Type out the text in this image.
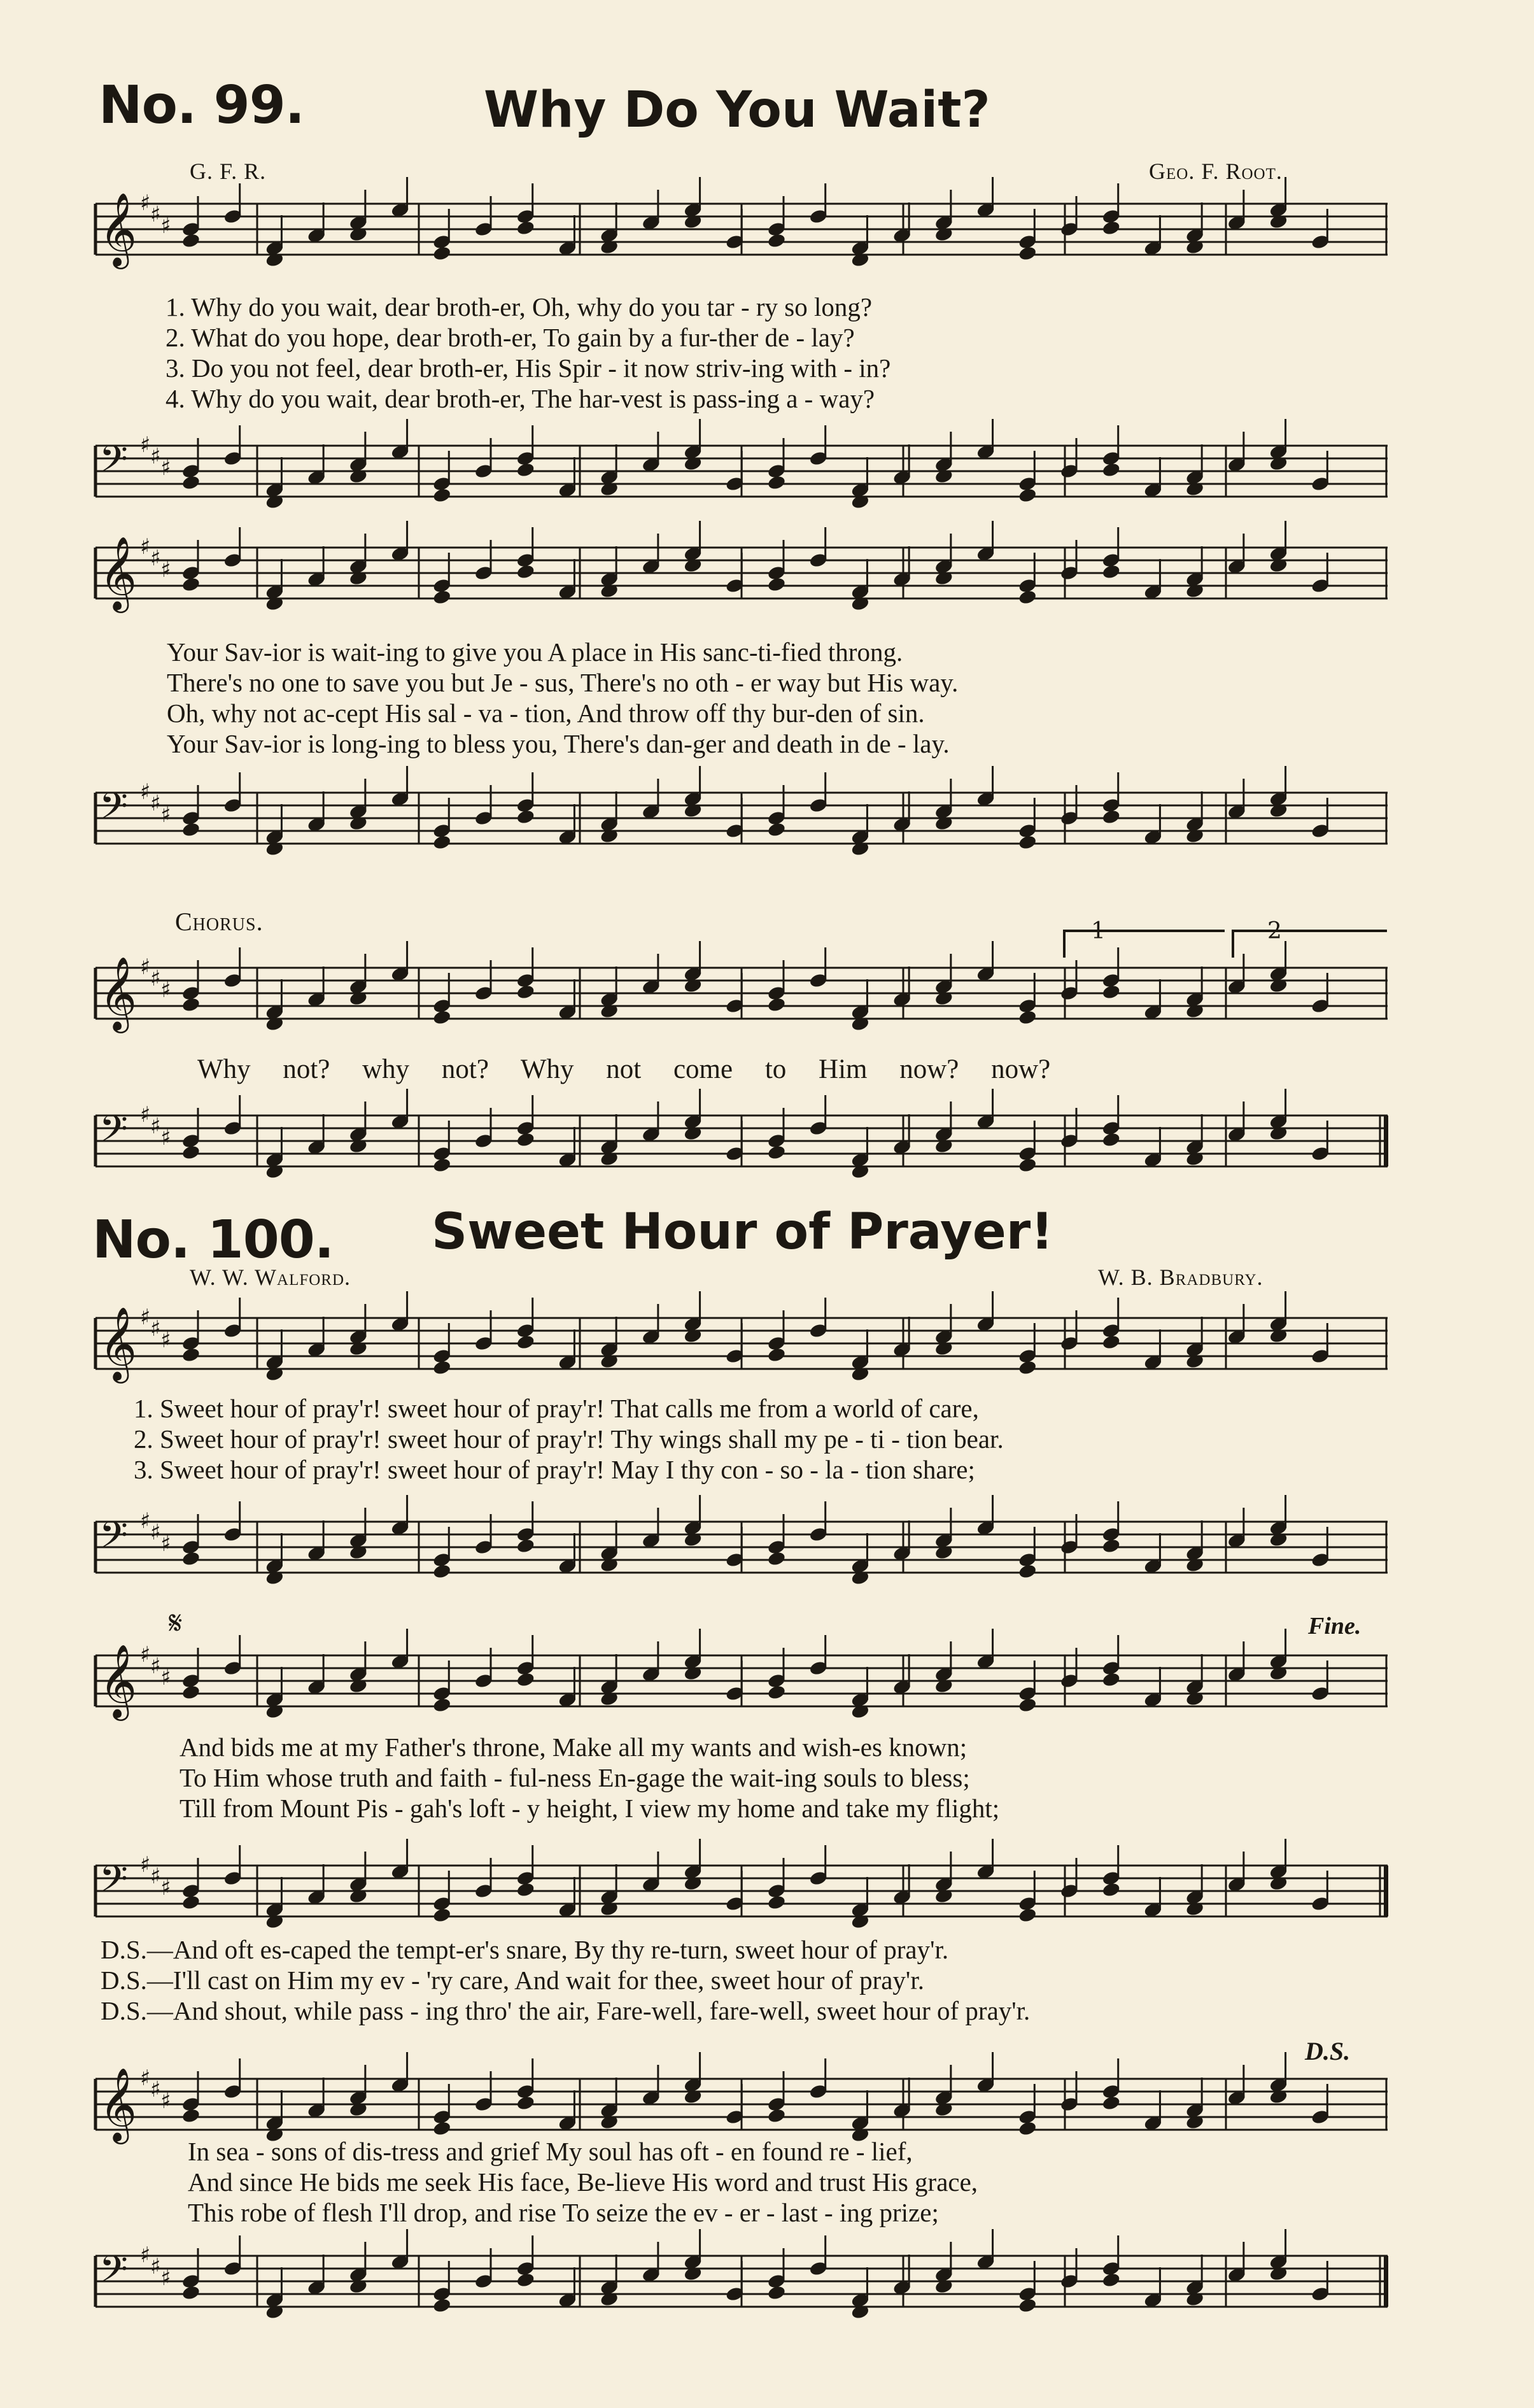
No. 99.	Why Do You Wait?
G. F. R.	Geo. F. Root.
𝄞 ♯ ♯ ♯
1. Why do you wait, dear broth-er, Oh, why do you tar - ry so long?
2. What do you hope, dear broth-er, To gain by a fur-ther de - lay?
3. Do you not feel, dear broth-er, His Spir - it now striv-ing with - in?
4. Why do you wait, dear broth-er, The har-vest is pass-ing a - way?
𝄢 ♯ ♯ ♯
𝄞 ♯ ♯ ♯
Your Sav-ior is wait-ing to give you A place in His sanc-ti-fied throng.
There's no one to save you but Je - sus, There's no oth - er way but His way.
Oh, why not ac-cept His sal - va - tion, And throw off thy bur-den of sin.
Your Sav-ior is long-ing to bless you, There's dan-ger and death in de - lay.
𝄢 ♯ ♯ ♯
Chorus.	1	2
𝄞 ♯ ♯ ♯
Why not? why not? Why not come to Him now? now?
𝄢 ♯ ♯ ♯
No. 100. Sweet Hour of Prayer!
W. W. Walford.	W. B. Bradbury.
𝄞 ♯ ♯ ♯
1. Sweet hour of pray'r! sweet hour of pray'r! That calls me from a world of care,
2. Sweet hour of pray'r! sweet hour of pray'r! Thy wings shall my pe - ti - tion bear.
3. Sweet hour of pray'r! sweet hour of pray'r! May I thy con - so - la - tion share;
𝄢 ♯ ♯ ♯
𝄋	Fine.
𝄞 ♯ ♯ ♯
And bids me at my Father's throne, Make all my wants and wish-es known;
To Him whose truth and faith - ful-ness En-gage the wait-ing souls to bless;
Till from Mount Pis - gah's loft - y height, I view my home and take my flight;
𝄢 ♯ ♯ ♯
D.S.—And oft es-caped the tempt-er's snare, By thy re-turn, sweet hour of pray'r.
D.S.—I'll cast on Him my ev - 'ry care, And wait for thee, sweet hour of pray'r.
D.S.—And shout, while pass - ing thro' the air, Fare-well, fare-well, sweet hour of pray'r.
D.S.
𝄞 ♯ ♯ ♯
In sea - sons of dis-tress and grief My soul has oft - en found re - lief,
And since He bids me seek His face, Be-lieve His word and trust His grace,
This robe of flesh I'll drop, and rise To seize the ev - er - last - ing prize;
𝄢 ♯ ♯ ♯
